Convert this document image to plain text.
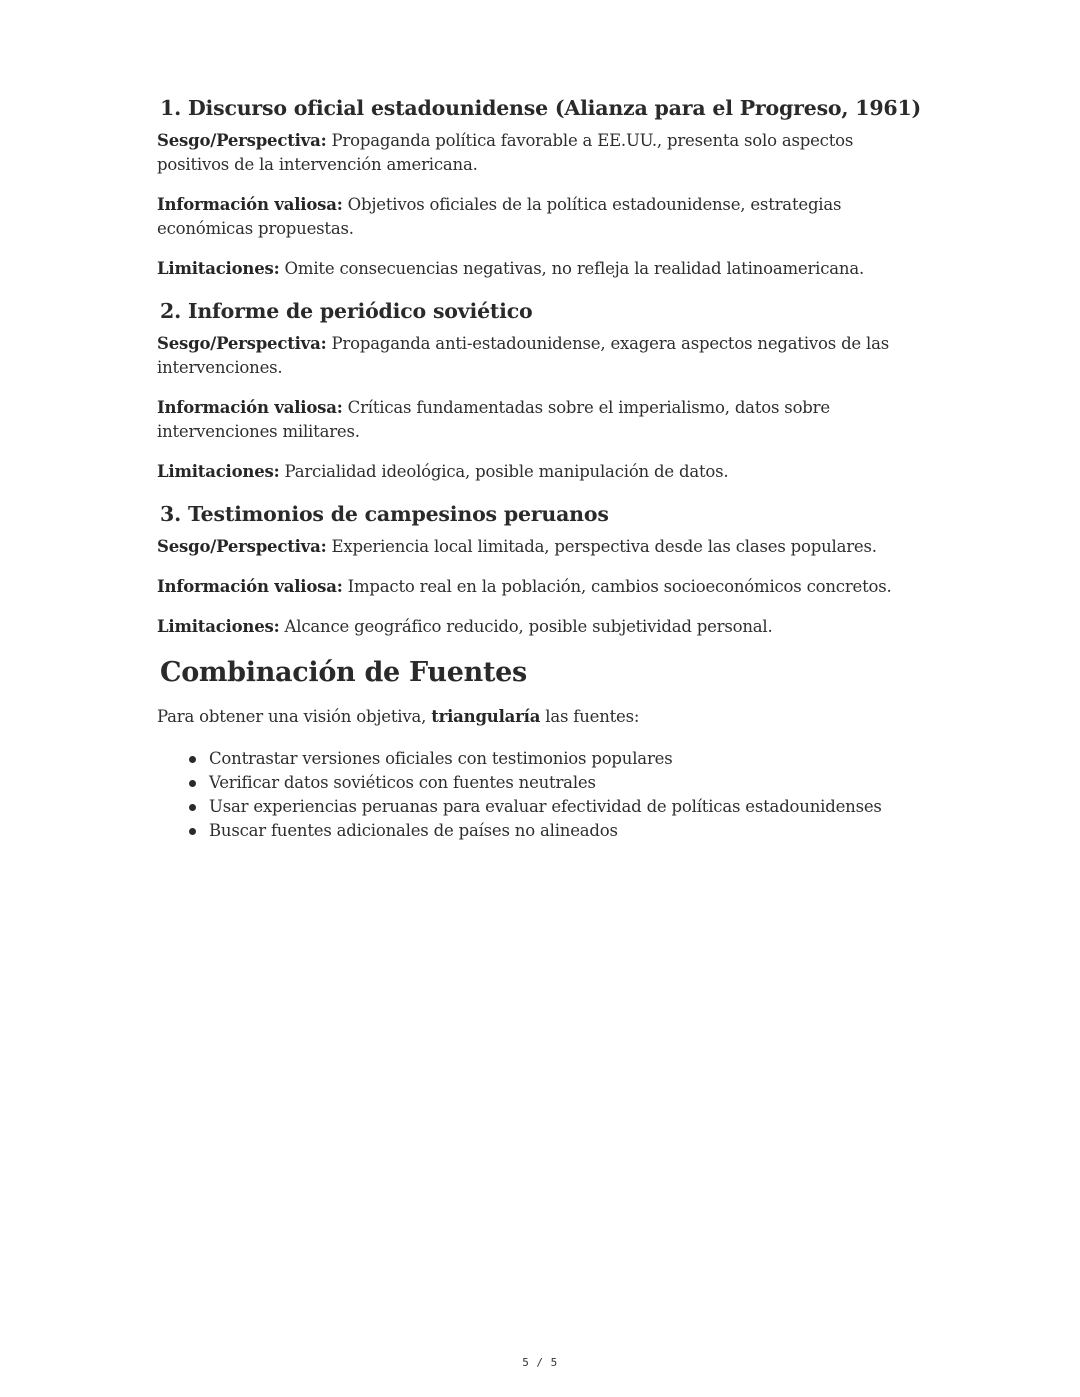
1. Discurso oficial estadounidense (Alianza para el Progreso, 1961)

Sesgo/Perspectiva: Propaganda política favorable a EE.UU., presenta solo aspectos positivos de la intervención americana.

Información valiosa: Objetivos oficiales de la política estadounidense, estrategias económicas propuestas.

Limitaciones: Omite consecuencias negativas, no refleja la realidad latinoamericana.

2. Informe de periódico soviético

Sesgo/Perspectiva: Propaganda anti-estadounidense, exagera aspectos negativos de las intervenciones.

Información valiosa: Críticas fundamentadas sobre el imperialismo, datos sobre intervenciones militares.

Limitaciones: Parcialidad ideológica, posible manipulación de datos.

3. Testimonios de campesinos peruanos

Sesgo/Perspectiva: Experiencia local limitada, perspectiva desde las clases populares.

Información valiosa: Impacto real en la población, cambios socioeconómicos concretos.

Limitaciones: Alcance geográfico reducido, posible subjetividad personal.

Combinación de Fuentes

Para obtener una visión objetiva, triangularía las fuentes:

Contrastar versiones oficiales con testimonios populares
Verificar datos soviéticos con fuentes neutrales
Usar experiencias peruanas para evaluar efectividad de políticas estadounidenses
Buscar fuentes adicionales de países no alineados
5 / 5
